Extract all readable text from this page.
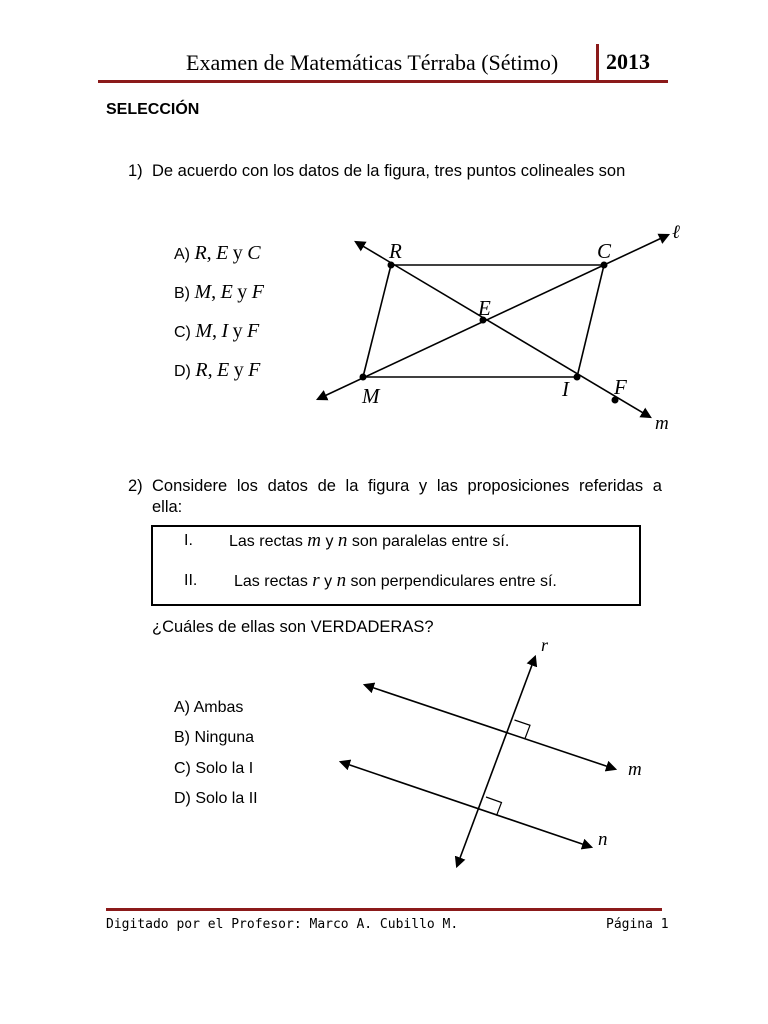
Examen de Matemáticas Térraba (Sétimo) 2013
SELECCIÓN
1) De acuerdo con los datos de la figura, tres puntos colineales son
A) R, E y C
B) M, E y F
C) M, I y F
D) R, E y F
R	C
E
M	I F
ℓ
m
r
m
n
2) Considere los datos de la figura y las proposiciones referidas a
ella:
I. Las rectas m y n son paralelas entre sí.
II. Las rectas r y n son perpendiculares entre sí.
¿Cuáles de ellas son VERDADERAS?
A) Ambas
B) Ninguna
C) Solo la I
D) Solo la II
Digitado por el Profesor: Marco A. Cubillo M.	Página 1
